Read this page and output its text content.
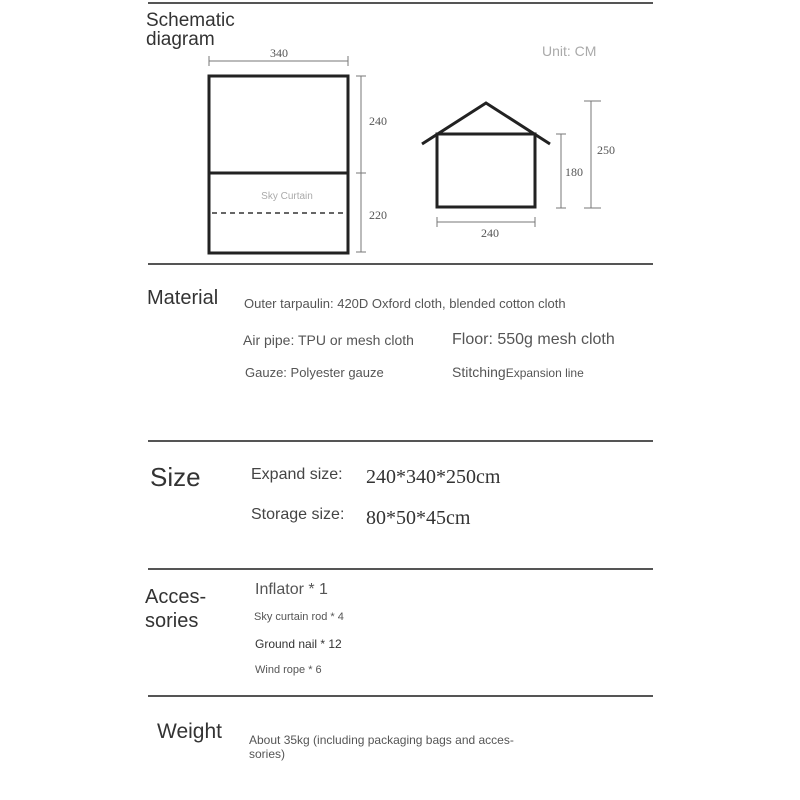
Schematic
diagram
Unit: CM
340
Sky Curtain
240
220
240
180
250
Material Outer tarpaulin: 420D Oxford cloth, blended cotton cloth
Air pipe: TPU or mesh cloth Floor: 550g mesh cloth
Gauze: Polyester gauze	StitchingExpansion line
Size	Expand size: 240*340*250cm
Storage size: 80*50*45cm
Acces-
sories
Inflator * 1
Sky curtain rod * 4
Ground nail * 12
Wind rope * 6
Weight About 35kg (including packaging bags and acces-
sories)
